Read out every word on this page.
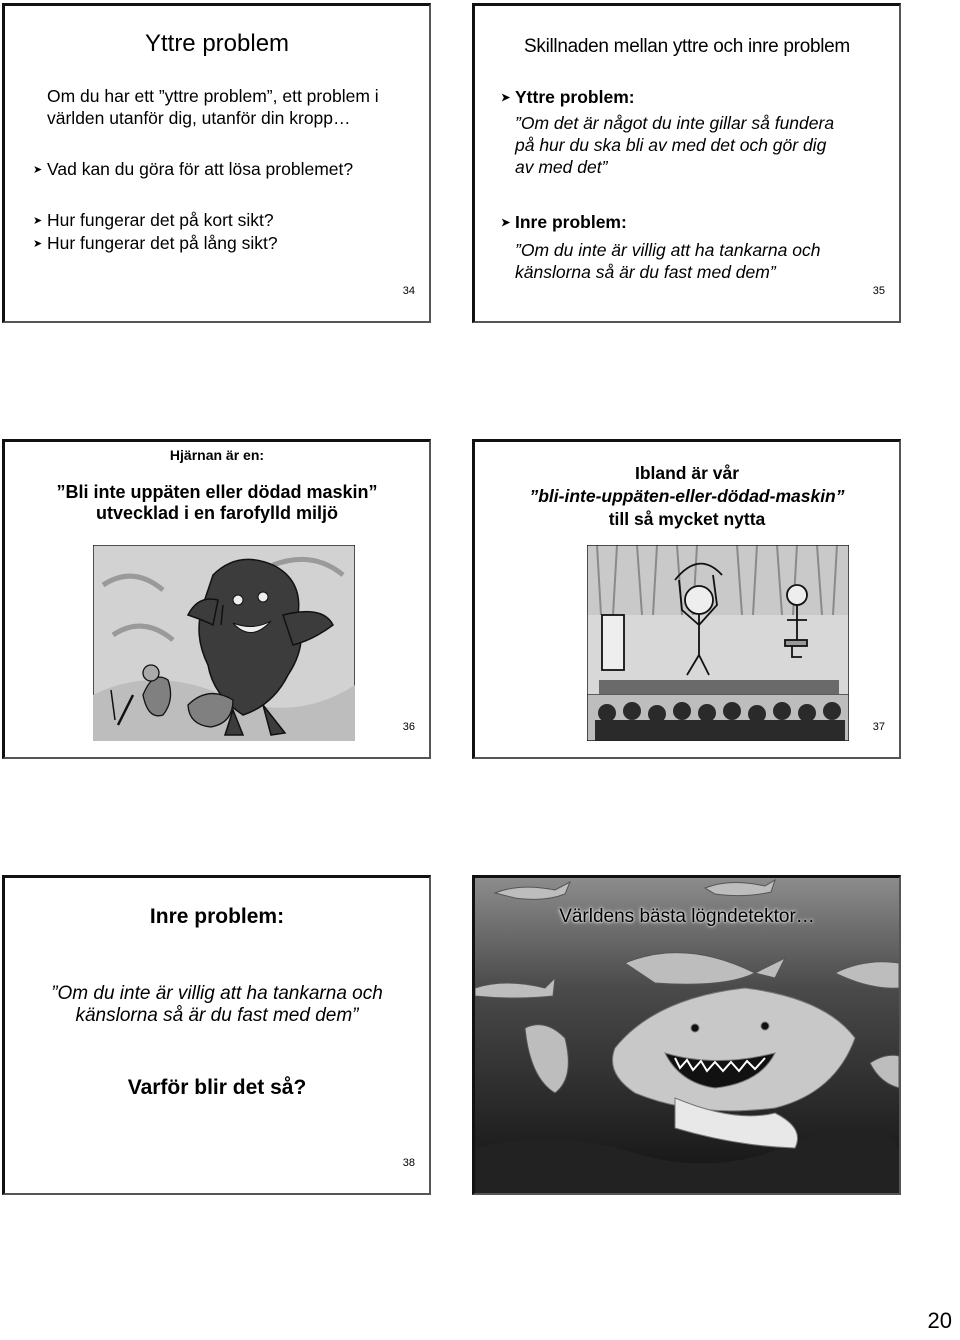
Yttre problem
Om du har ett ”yttre problem”, ett problem i
världen utanför dig, utanför din kropp…
➤ Vad kan du göra för att lösa problemet?
➤ Hur fungerar det på kort sikt?
➤ Hur fungerar det på lång sikt?
34
Skillnaden mellan yttre och inre problem
➤ Yttre problem:
”Om det är något du inte gillar så fundera
på hur du ska bli av med det och gör dig
av med det”
➤ Inre problem:
”Om du inte är villig att ha tankarna och
känslorna så är du fast med dem”
35
Hjärnan är en:
”Bli inte uppäten eller dödad maskin”
utvecklad i en farofylld miljö
36
Ibland är vår
”bli-inte-uppäten-eller-dödad-maskin”
till så mycket nytta
37
Inre problem:
”Om du inte är villig att ha tankarna och
känslorna så är du fast med dem”
Varför blir det så?
38
Världens bästa lögndetektor…
20
